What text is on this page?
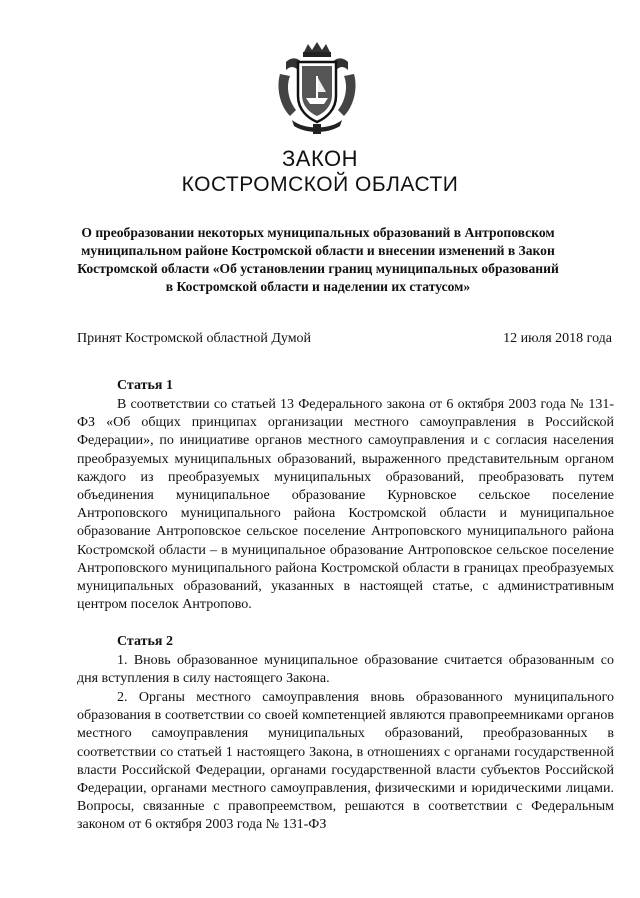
ЗАКОН
КОСТРОМСКОЙ ОБЛАСТИ
О преобразовании некоторых муниципальных образований в Антроповском муниципальном районе Костромской области и внесении изменений в Закон Костромской области «Об установлении границ муниципальных образований в Костромской области и наделении их статусом»
Принят Костромской областной Думой	12 июля 2018 года
Статья 1
В соответствии со статьей 13 Федерального закона от 6 октября 2003 года № 131-ФЗ «Об общих принципах организации местного самоуправления в Российской Федерации», по инициативе органов местного самоуправления и с согласия населения преобразуемых муниципальных образований, выраженного представительным органом каждого из преобразуемых муниципальных образований, преобразовать путем объединения муниципальное образование Курновское сельское поселение Антроповского муниципального района Костромской области и муниципальное образование Антроповское сельское поселение Антроповского муниципального района Костромской области – в муниципальное образование Антроповское сельское поселение Антроповского муниципального района Костромской области в границах преобразуемых муниципальных образований, указанных в настоящей статье, с административным центром поселок Антропово.
Статья 2
1. Вновь образованное муниципальное образование считается образованным со дня вступления в силу настоящего Закона.
2. Органы местного самоуправления вновь образованного муниципального образования в соответствии со своей компетенцией являются правопреемниками органов местного самоуправления муниципальных образований, преобразованных в соответствии со статьей 1 настоящего Закона, в отношениях с органами государственной власти Российской Федерации, органами государственной власти субъектов Российской Федерации, органами местного самоуправления, физическими и юридическими лицами. Вопросы, связанные с правопреемством, решаются в соответствии с Федеральным законом от 6 октября 2003 года № 131-ФЗ
